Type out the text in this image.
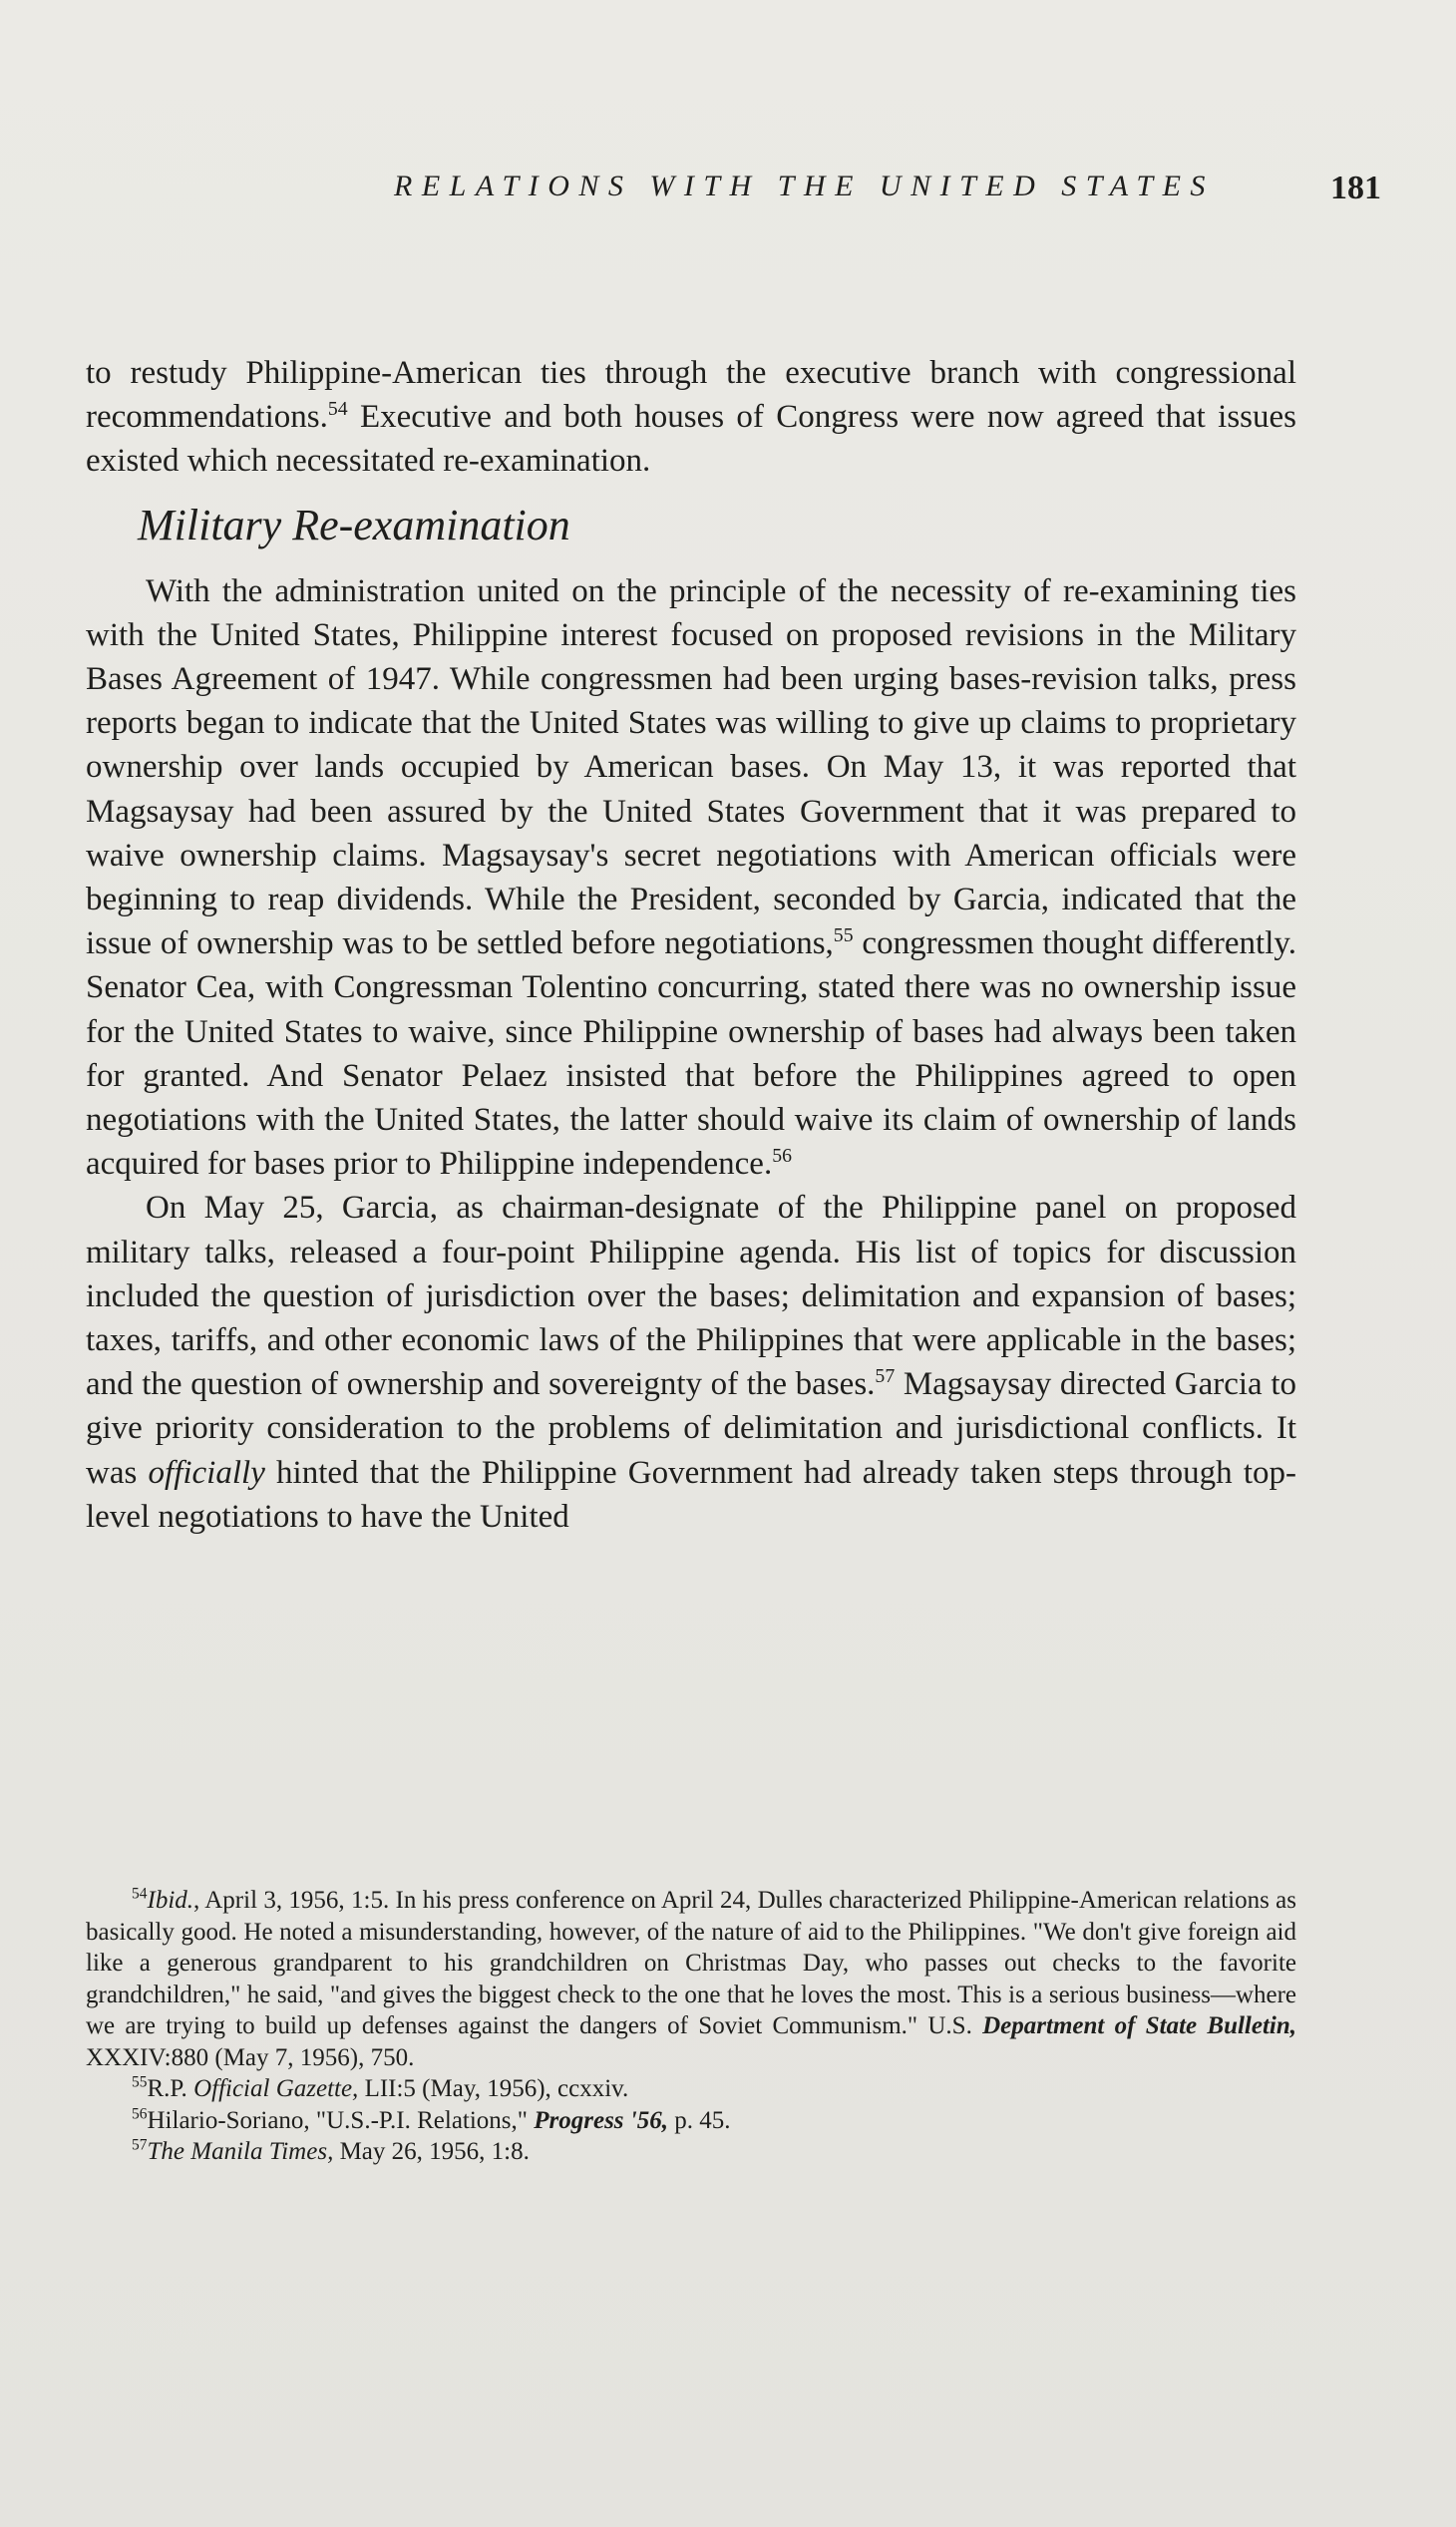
RELATIONS WITH THE UNITED STATES	181

to restudy Philippine-American ties through the executive branch with congressional recommendations.$^{54}$ Executive and both houses of Congress were now agreed that issues existed which necessitated re-examination.

Military Re-examination

With the administration united on the principle of the necessity of re-examining ties with the United States, Philippine interest focused on proposed revisions in the Military Bases Agreement of 1947. While congressmen had been urging bases-revision talks, press reports began to indicate that the United States was willing to give up claims to proprietary ownership over lands occupied by American bases. On May 13, it was reported that Magsaysay had been assured by the United States Government that it was prepared to waive ownership claims. Magsaysay's secret negotiations with American officials were beginning to reap dividends. While the President, seconded by Garcia, indicated that the issue of ownership was to be settled before negotiations,$^{55}$ congressmen thought differently. Senator Cea, with Congressman Tolentino concurring, stated there was no ownership issue for the United States to waive, since Philippine ownership of bases had always been taken for granted. And Senator Pelaez insisted that before the Philippines agreed to open negotiations with the United States, the latter should waive its claim of ownership of lands acquired for bases prior to Philippine independence.$^{56}$

On May 25, Garcia, as chairman-designate of the Philippine panel on proposed military talks, released a four-point Philippine agenda. His list of topics for discussion included the question of jurisdiction over the bases; delimitation and expansion of bases; taxes, tariffs, and other economic laws of the Philippines that were applicable in the bases; and the question of ownership and sovereignty of the bases.$^{57}$ Magsaysay directed Garcia to give priority consideration to the problems of delimitation and jurisdictional conflicts. It was officially hinted that the Philippine Government had already taken steps through top-level negotiations to have the United

$^{54}$Ibid., April 3, 1956, 1:5. In his press conference on April 24, Dulles characterized Philippine-American relations as basically good. He noted a misunderstanding, however, of the nature of aid to the Philippines. "We don't give foreign aid like a generous grandparent to his grandchildren on Christmas Day, who passes out checks to the favorite grandchildren," he said, "and gives the biggest check to the one that he loves the most. This is a serious business—where we are trying to build up defenses against the dangers of Soviet Communism." U.S. Department of State Bulletin, XXXIV:880 (May 7, 1956), 750.

$^{55}$R.P. Official Gazette, LII:5 (May, 1956), ccxxiv.

$^{56}$Hilario-Soriano, "U.S.-P.I. Relations," Progress '56, p. 45.

$^{57}$The Manila Times, May 26, 1956, 1:8.
